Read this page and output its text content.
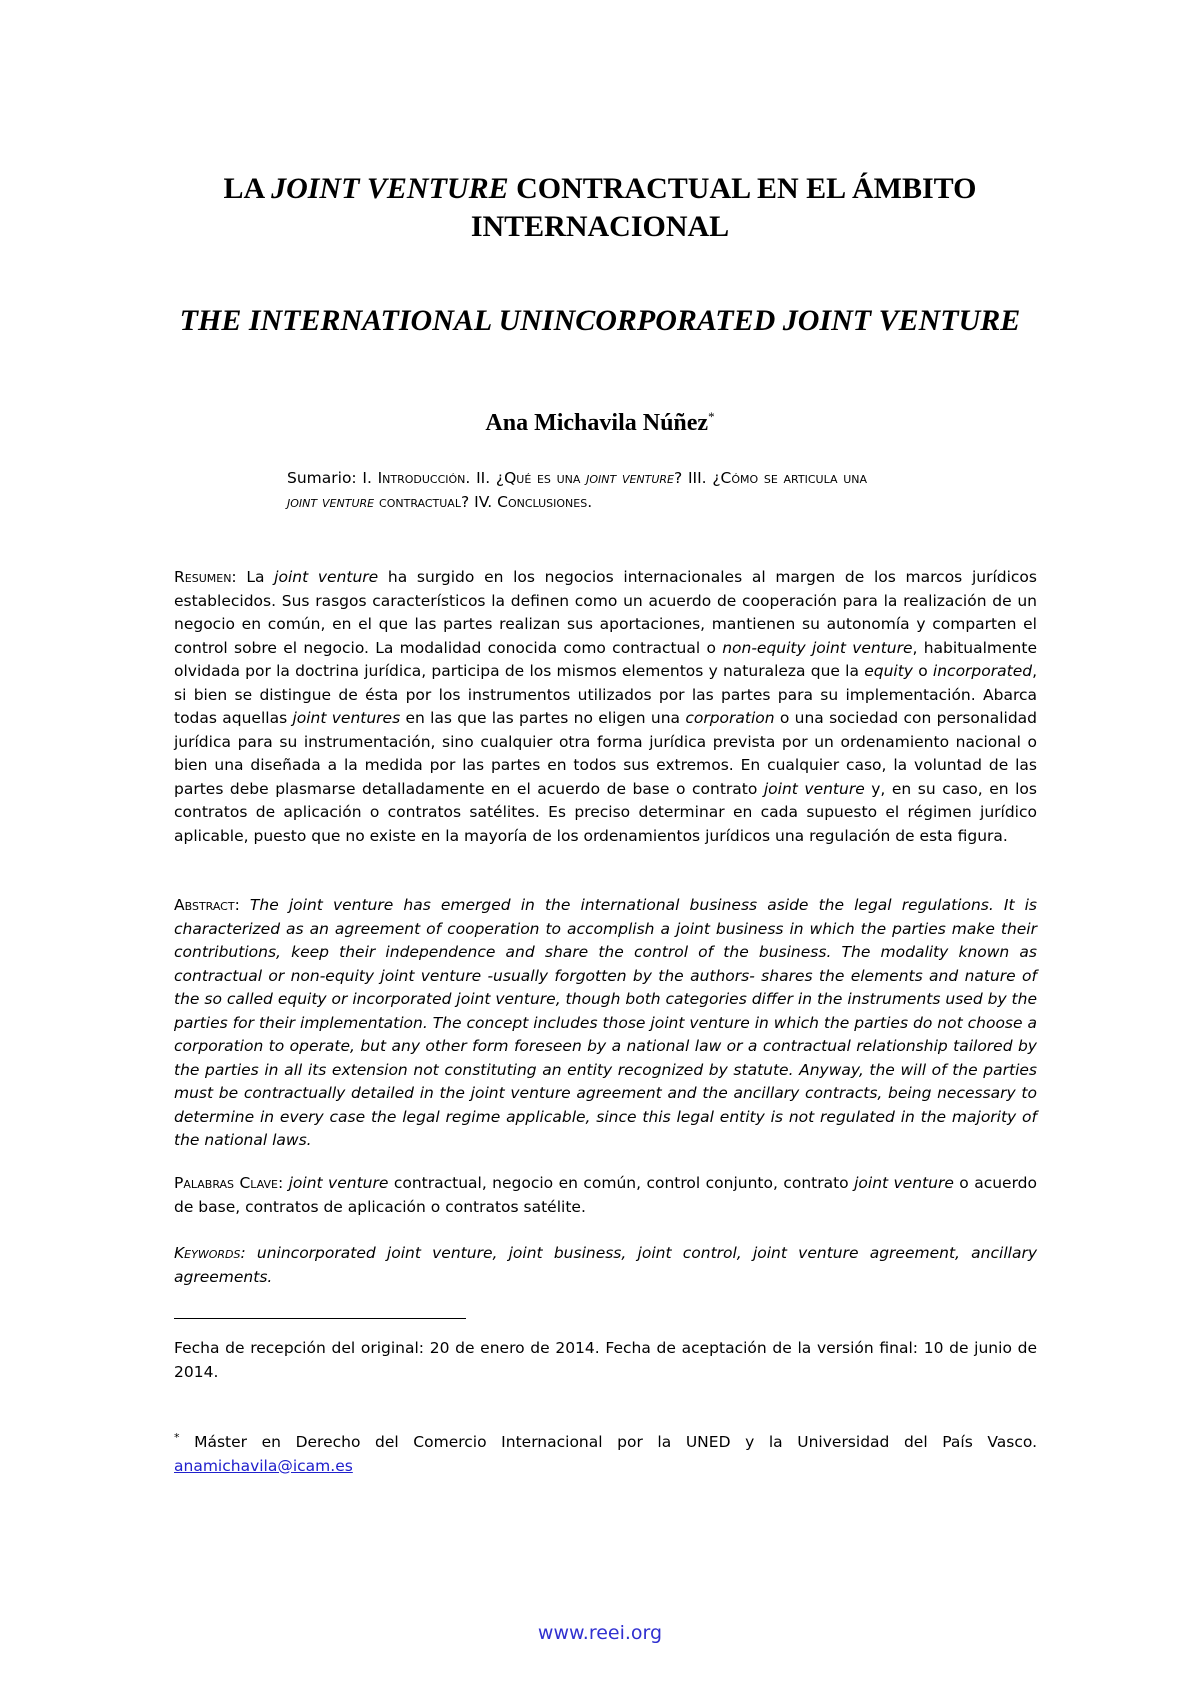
LA JOINT VENTURE CONTRACTUAL EN EL ÁMBITO INTERNACIONAL
THE INTERNATIONAL UNINCORPORATED JOINT VENTURE
Ana Michavila Núñez*

Sumario: I. Introducción. II. ¿Qué es una joint venture? III. ¿Cómo se articula una joint venture contractual? IV. Conclusiones.

Resumen: La joint venture ha surgido en los negocios internacionales al margen de los marcos jurídicos establecidos. Sus rasgos característicos la definen como un acuerdo de cooperación para la realización de un negocio en común, en el que las partes realizan sus aportaciones, mantienen su autonomía y comparten el control sobre el negocio. La modalidad conocida como contractual o non-equity joint venture, habitualmente olvidada por la doctrina jurídica, participa de los mismos elementos y naturaleza que la equity o incorporated, si bien se distingue de ésta por los instrumentos utilizados por las partes para su implementación. Abarca todas aquellas joint ventures en las que las partes no eligen una corporation o una sociedad con personalidad jurídica para su instrumentación, sino cualquier otra forma jurídica prevista por un ordenamiento nacional o bien una diseñada a la medida por las partes en todos sus extremos. En cualquier caso, la voluntad de las partes debe plasmarse detalladamente en el acuerdo de base o contrato joint venture y, en su caso, en los contratos de aplicación o contratos satélites. Es preciso determinar en cada supuesto el régimen jurídico aplicable, puesto que no existe en la mayoría de los ordenamientos jurídicos una regulación de esta figura.

Abstract: The joint venture has emerged in the international business aside the legal regulations. It is characterized as an agreement of cooperation to accomplish a joint business in which the parties make their contributions, keep their independence and share the control of the business. The modality known as contractual or non-equity joint venture -usually forgotten by the authors- shares the elements and nature of the so called equity or incorporated joint venture, though both categories differ in the instruments used by the parties for their implementation. The concept includes those joint venture in which the parties do not choose a corporation to operate, but any other form foreseen by a national law or a contractual relationship tailored by the parties in all its extension not constituting an entity recognized by statute. Anyway, the will of the parties must be contractually detailed in the joint venture agreement and the ancillary contracts, being necessary to determine in every case the legal regime applicable, since this legal entity is not regulated in the majority of the national laws.

Palabras Clave: joint venture contractual, negocio en común, control conjunto, contrato joint venture o acuerdo de base, contratos de aplicación o contratos satélite.

Keywords: unincorporated joint venture, joint business, joint control, joint venture agreement, ancillary agreements.

Fecha de recepción del original: 20 de enero de 2014. Fecha de aceptación de la versión final: 10 de junio de 2014.

* Máster en Derecho del Comercio Internacional por la UNED y la Universidad del País Vasco. anamichavila@icam.es

www.reei.org
